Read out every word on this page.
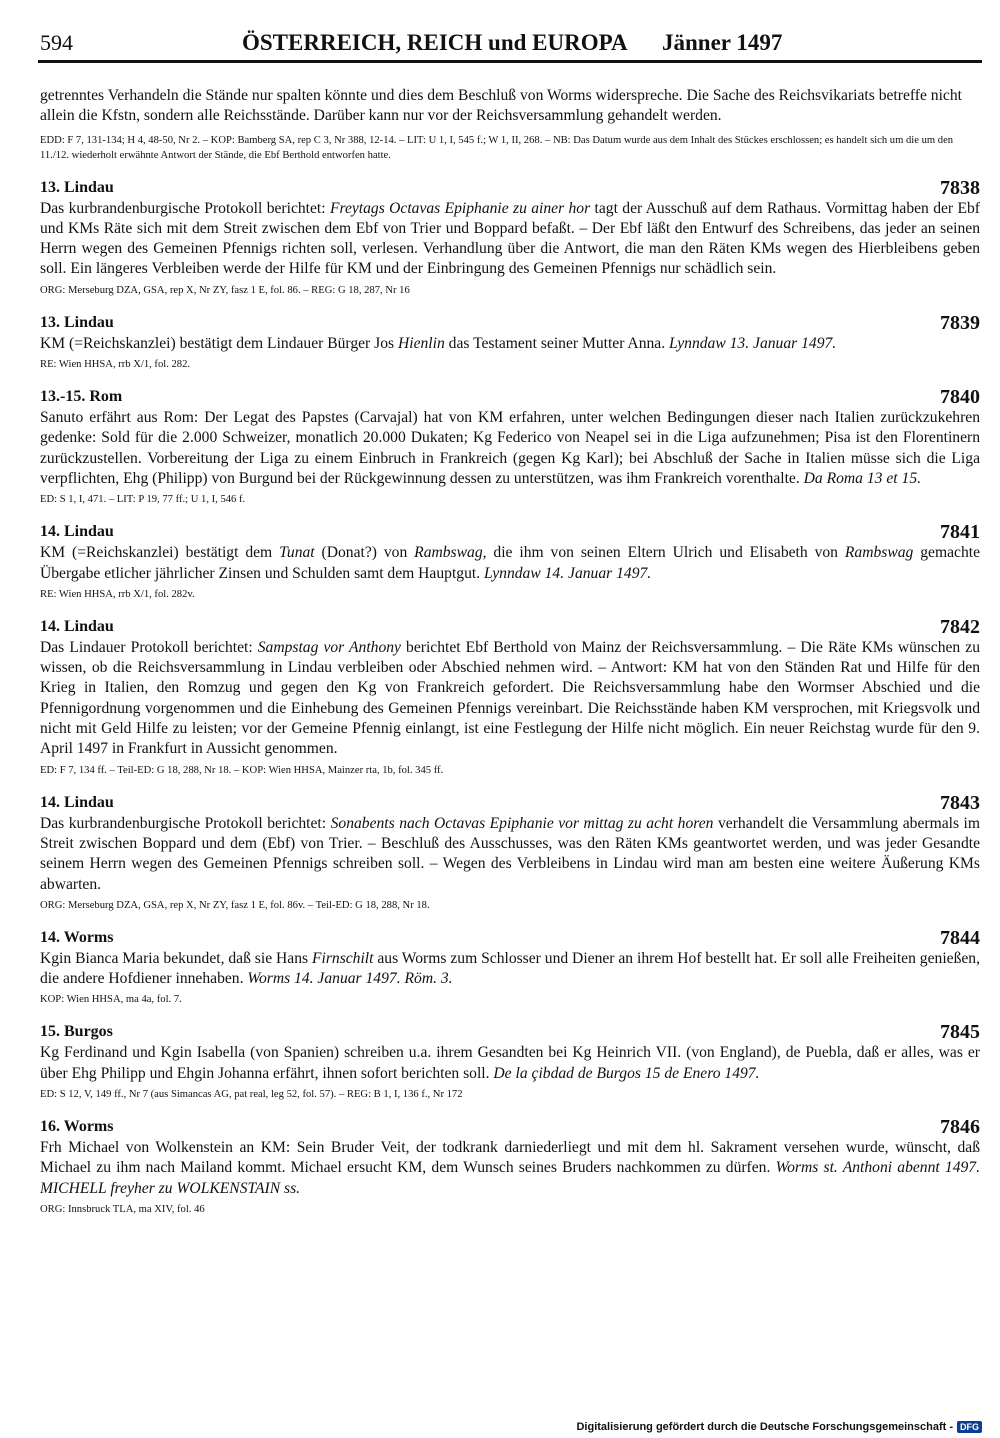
594	ÖSTERREICH, REICH und EUROPA Jänner 1497

getrenntes Verhandeln die Stände nur spalten könnte und dies dem Beschluß von Worms widerspreche. Die Sache des Reichsvikariats betreffe nicht allein die Kfstn, sondern alle Reichsstände. Darüber kann nur vor der Reichsversammlung gehandelt werden.

EDD: F 7, 131-134; H 4, 48-50, Nr 2. – KOP: Bamberg SA, rep C 3, Nr 388, 12-14. – LIT: U 1, I, 545 f.; W 1, II, 268. – NB: Das Datum wurde aus dem Inhalt des Stückes erschlossen; es handelt sich um die um den 11./12. wiederholt erwähnte Antwort der Stände, die Ebf Berthold entworfen hatte.

13. Lindau	7838

Das kurbrandenburgische Protokoll berichtet: Freytags Octavas Epiphanie zu ainer hor tagt der Ausschuß auf dem Rathaus. Vormittag haben der Ebf und KMs Räte sich mit dem Streit zwischen dem Ebf von Trier und Boppard befaßt. – Der Ebf läßt den Entwurf des Schreibens, das jeder an seinen Herrn wegen des Gemeinen Pfennigs richten soll, verlesen. Verhandlung über die Antwort, die man den Räten KMs wegen des Hierbleibens geben soll. Ein längeres Verbleiben werde der Hilfe für KM und der Einbringung des Gemeinen Pfennigs nur schädlich sein.

ORG: Merseburg DZA, GSA, rep X, Nr ZY, fasz 1 E, fol. 86. – REG: G 18, 287, Nr 16

13. Lindau	7839

KM (=Reichskanzlei) bestätigt dem Lindauer Bürger Jos Hienlin das Testament seiner Mutter Anna. Lynndaw 13. Januar 1497.

RE: Wien HHSA, rrb X/1, fol. 282.

13.-15. Rom	7840

Sanuto erfährt aus Rom: Der Legat des Papstes (Carvajal) hat von KM erfahren, unter welchen Bedingungen dieser nach Italien zurückzukehren gedenke: Sold für die 2.000 Schweizer, monatlich 20.000 Dukaten; Kg Federico von Neapel sei in die Liga aufzunehmen; Pisa ist den Florentinern zurückzustellen. Vorbereitung der Liga zu einem Einbruch in Frankreich (gegen Kg Karl); bei Abschluß der Sache in Italien müsse sich die Liga verpflichten, Ehg (Philipp) von Burgund bei der Rückgewinnung dessen zu unterstützen, was ihm Frankreich vorenthalte. Da Roma 13 et 15.

ED: S 1, I, 471. – LIT: P 19, 77 ff.; U 1, I, 546 f.

14. Lindau	7841

KM (=Reichskanzlei) bestätigt dem Tunat (Donat?) von Rambswag, die ihm von seinen Eltern Ulrich und Elisabeth von Rambswag gemachte Übergabe etlicher jährlicher Zinsen und Schulden samt dem Hauptgut. Lynndaw 14. Januar 1497.

RE: Wien HHSA, rrb X/1, fol. 282v.

14. Lindau	7842

Das Lindauer Protokoll berichtet: Sampstag vor Anthony berichtet Ebf Berthold von Mainz der Reichsversammlung. – Die Räte KMs wünschen zu wissen, ob die Reichsversammlung in Lindau verbleiben oder Abschied nehmen wird. – Antwort: KM hat von den Ständen Rat und Hilfe für den Krieg in Italien, den Romzug und gegen den Kg von Frankreich gefordert. Die Reichsversammlung habe den Wormser Abschied und die Pfennigordnung vorgenommen und die Einhebung des Gemeinen Pfennigs vereinbart. Die Reichsstände haben KM versprochen, mit Kriegsvolk und nicht mit Geld Hilfe zu leisten; vor der Gemeine Pfennig einlangt, ist eine Festlegung der Hilfe nicht möglich. Ein neuer Reichstag wurde für den 9. April 1497 in Frankfurt in Aussicht genommen.

ED: F 7, 134 ff. – Teil-ED: G 18, 288, Nr 18. – KOP: Wien HHSA, Mainzer rta, 1b, fol. 345 ff.

14. Lindau	7843

Das kurbrandenburgische Protokoll berichtet: Sonabents nach Octavas Epiphanie vor mittag zu acht horen verhandelt die Versammlung abermals im Streit zwischen Boppard und dem (Ebf) von Trier. – Beschluß des Ausschusses, was den Räten KMs geantwortet werden, und was jeder Gesandte seinem Herrn wegen des Gemeinen Pfennigs schreiben soll. – Wegen des Verbleibens in Lindau wird man am besten eine weitere Äußerung KMs abwarten.

ORG: Merseburg DZA, GSA, rep X, Nr ZY, fasz 1 E, fol. 86v. – Teil-ED: G 18, 288, Nr 18.

14. Worms	7844

Kgin Bianca Maria bekundet, daß sie Hans Firnschilt aus Worms zum Schlosser und Diener an ihrem Hof bestellt hat. Er soll alle Freiheiten genießen, die andere Hofdiener innehaben. Worms 14. Januar 1497. Röm. 3.

KOP: Wien HHSA, ma 4a, fol. 7.

15. Burgos	7845

Kg Ferdinand und Kgin Isabella (von Spanien) schreiben u.a. ihrem Gesandten bei Kg Heinrich VII. (von England), de Puebla, daß er alles, was er über Ehg Philipp und Ehgin Johanna erfährt, ihnen sofort berichten soll. De la çibdad de Burgos 15 de Enero 1497.

ED: S 12, V, 149 ff., Nr 7 (aus Simancas AG, pat real, leg 52, fol. 57). – REG: B 1, I, 136 f., Nr 172

16. Worms	7846

Frh Michael von Wolkenstein an KM: Sein Bruder Veit, der todkrank darniederliegt und mit dem hl. Sakrament versehen wurde, wünscht, daß Michael zu ihm nach Mailand kommt. Michael ersucht KM, dem Wunsch seines Bruders nachkommen zu dürfen. Worms st. Anthoni abennt 1497. MICHELL freyher zu WOLKENSTAIN ss.

ORG: Innsbruck TLA, ma XIV, fol. 46

Digitalisierung gefördert durch die Deutsche Forschungsgemeinschaft - DFG
